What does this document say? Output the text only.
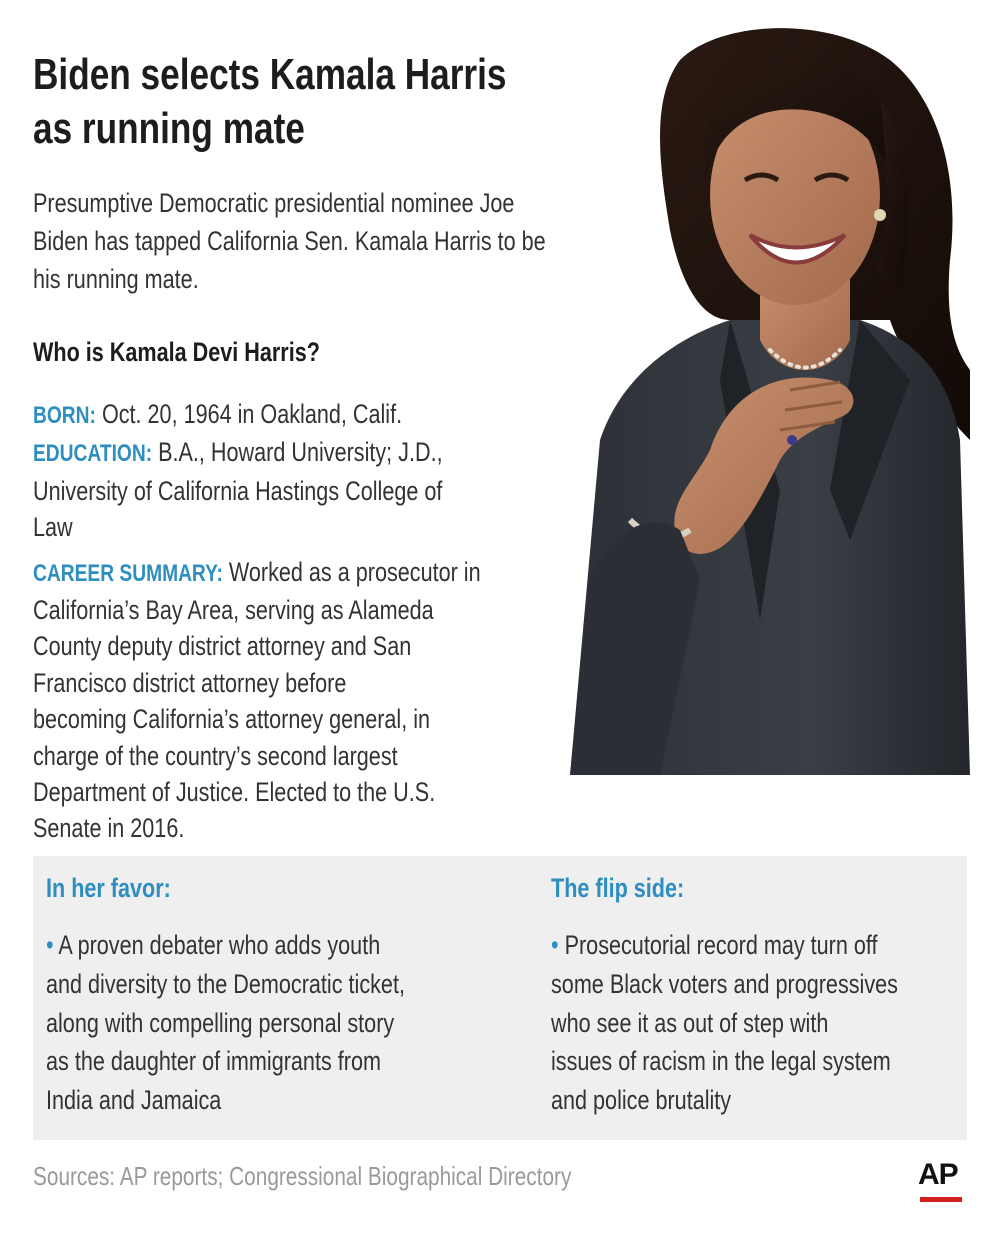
Biden selects Kamala Harris
as running mate

Presumptive Democratic presidential nominee Joe
Biden has tapped California Sen. Kamala Harris to be
his running mate.

Who is Kamala Devi Harris?

BORN: Oct. 20, 1964 in Oakland, Calif.

EDUCATION: B.A., Howard University; J.D.,
University of California Hastings College of
Law

CAREER SUMMARY: Worked as a prosecutor in
California’s Bay Area, serving as Alameda
County deputy district attorney and San
Francisco district attorney before
becoming California’s attorney general, in
charge of the country’s second largest
Department of Justice. Elected to the U.S.
Senate in 2016.

In her favor:

• A proven debater who adds youth
and diversity to the Democratic ticket,
along with compelling personal story
as the daughter of immigrants from
India and Jamaica

The flip side:

• Prosecutorial record may turn off
some Black voters and progressives
who see it as out of step with
issues of racism in the legal system
and police brutality

Sources: AP reports; Congressional Biographical Directory	AP
